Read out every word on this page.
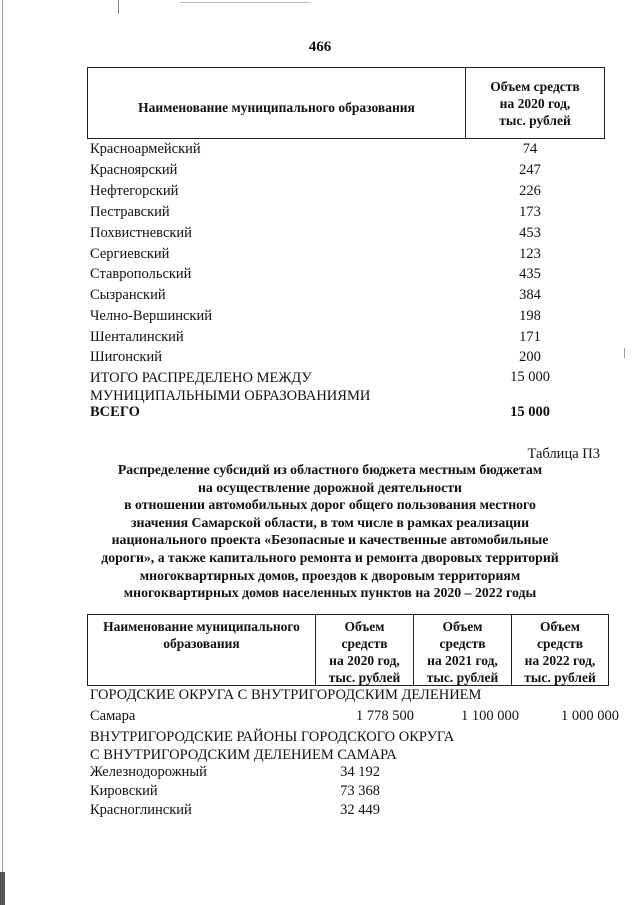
466
Наименование муниципального образования
Объем средств
на 2020 год,
тыс. рублей
Красноармейский	74
Красноярский	247
Нефтегорский	226
Пестравский	173
Похвистневский	453
Сергиевский	123
Ставропольский	435
Сызранский	384
Челно-Вершинский	198
Шенталинский	171
Шигонский	200
ИТОГО РАСПРЕДЕЛЕНО МЕЖДУ
МУНИЦИПАЛЬНЫМИ ОБРАЗОВАНИЯМИ
15 000
ВСЕГО	15 000
Таблица П3
Распределение субсидий из областного бюджета местным бюджетам
на осуществление дорожной деятельности
в отношении автомобильных дорог общего пользования местного
значения Самарской области, в том числе в рамках реализации
национального проекта «Безопасные и качественные автомобильные
дороги», а также капитального ремонта и ремонта дворовых территорий
многоквартирных домов, проездов к дворовым территориям
многоквартирных домов населенных пунктов на 2020 – 2022 годы
Наименование муниципального
образования
Объем
средств
на 2020 год,
тыс. рублей
Объем
средств
на 2021 год,
тыс. рублей
Объем
средств
на 2022 год,
тыс. рублей
ГОРОДСКИЕ ОКРУГА С ВНУТРИГОРОДСКИМ ДЕЛЕНИЕМ
Самара	1 778 500	1 100 000	1 000 000
ВНУТРИГОРОДСКИЕ РАЙОНЫ ГОРОДСКОГО ОКРУГА
С ВНУТРИГОРОДСКИМ ДЕЛЕНИЕМ САМАРА
Железнодорожный	34 192
Кировский	73 368
Красноглинский	32 449
